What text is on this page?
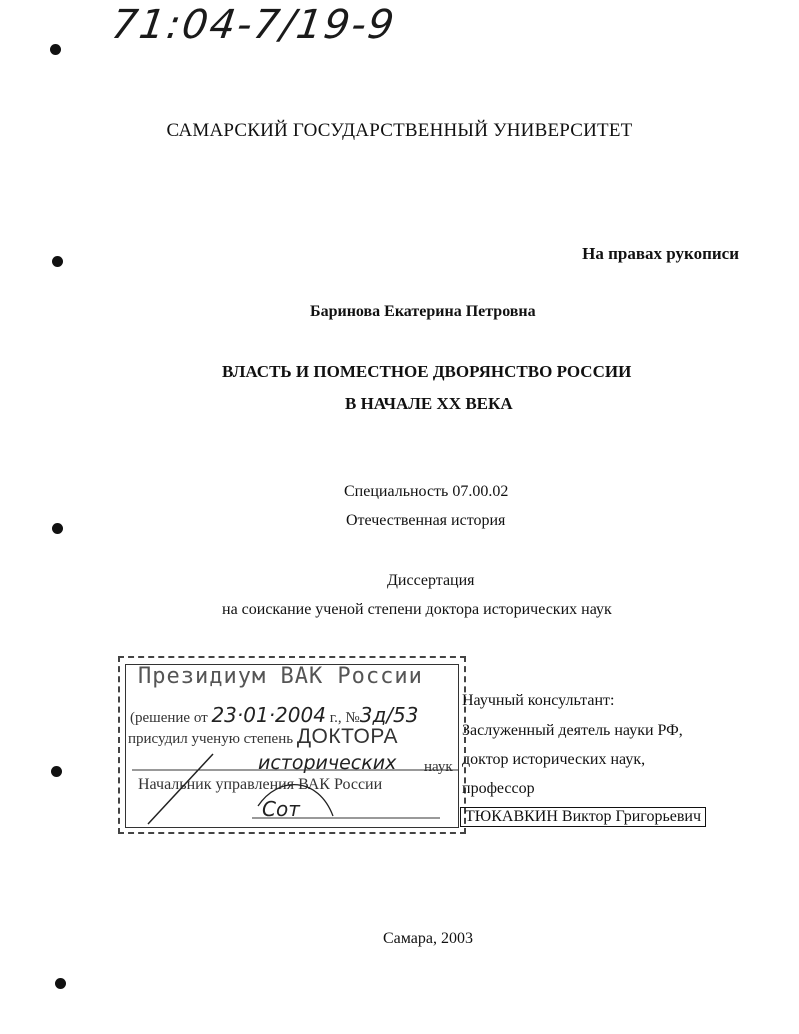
71:04-7/19-9
САМАРСКИЙ ГОСУДАРСТВЕННЫЙ УНИВЕРСИТЕТ
На правах рукописи
Баринова Екатерина Петровна
ВЛАСТЬ И ПОМЕСТНОЕ ДВОРЯНСТВО РОССИИ
В НАЧАЛЕ XX ВЕКА
Специальность 07.00.02
Отечественная история
Диссертация
на соискание ученой степени доктора исторических наук
Президиум ВАК России
(решение от 23·01·2004 г., №3д/53
присудил ученую степень ДОКТОРА
исторических наук
Начальник управления ВАК России
Сот
Научный консультант:
Заслуженный деятель науки РФ,
доктор исторических наук,
профессор
ТЮКАВКИН Виктор Григорьевич
Самара, 2003
